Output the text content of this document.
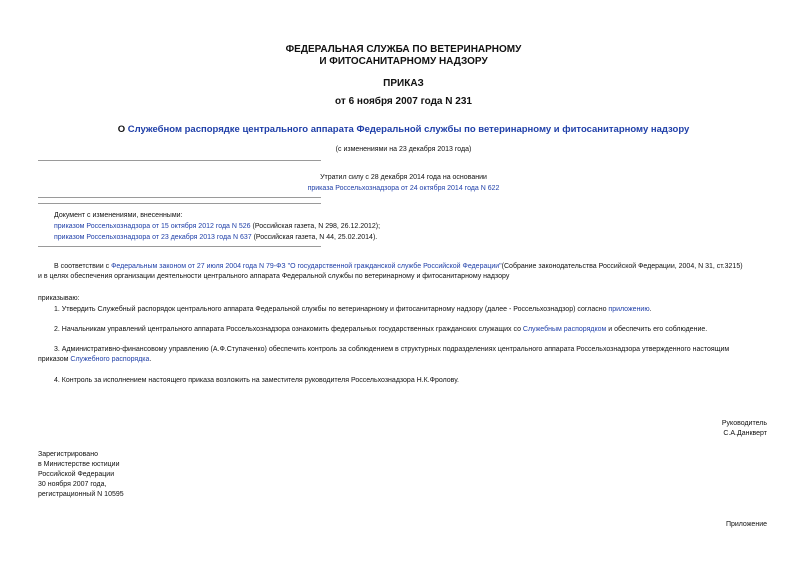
ФЕДЕРАЛЬНАЯ СЛУЖБА ПО ВЕТЕРИНАРНОМУ
И ФИТОСАНИТАРНОМУ НАДЗОРУ
ПРИКАЗ
от 6 ноября 2007 года N 231
О Служебном распорядке центрального аппарата Федеральной службы по ветеринарному и фитосанитарному надзору
(с изменениями на 23 декабря 2013 года)
Утратил силу с 28 декабря 2014 года на основании
приказа Россельхознадзора от 24 октября 2014 года N 622
Документ с изменениями, внесенными:
приказом Россельхознадзора от 15 октября 2012 года N 526 (Российская газета, N 298, 26.12.2012);
приказом Россельхознадзора от 23 декабря 2013 года N 637 (Российская газета, N 44, 25.02.2014).
В соответствии с Федеральным законом от 27 июля 2004 года N 79-ФЗ "О государственной гражданской службе Российской Федерации"(Собрание законодательства Российской Федерации, 2004, N 31, ст.3215)
и в целях обеспечения организации деятельности центрального аппарата Федеральной службы по ветеринарному и фитосанитарному надзору
приказываю:
1. Утвердить Служебный распорядок центрального аппарата Федеральной службы по ветеринарному и фитосанитарному надзору (далее - Россельхознадзор) согласно приложению.
2. Начальникам управлений центрального аппарата Россельхознадзора ознакомить федеральных государственных гражданских служащих со Служебным распорядком и обеспечить его соблюдение.
3. Административно-финансовому управлению (А.Ф.Ступаченко) обеспечить контроль за соблюдением в структурных подразделениях центрального аппарата Россельхознадзора утвержденного настоящим
приказом Служебного распорядка.
4. Контроль за исполнением настоящего приказа возложить на заместителя руководителя Россельхознадзора Н.К.Фролову.
Руководитель
С.А.Данкверт
Зарегистрировано
в Министерстве юстиции
Российской Федерации
30 ноября 2007 года,
регистрационный N 10595
Приложение
